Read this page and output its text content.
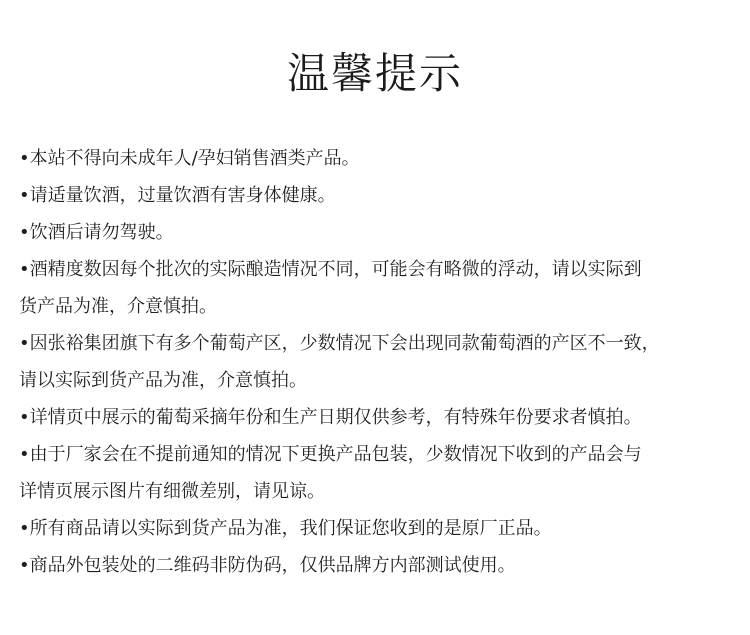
温馨提示
•本站不得向未成年人/孕妇销售酒类产品。
•请适量饮酒，过量饮酒有害身体健康。
•饮酒后请勿驾驶。
•酒精度数因每个批次的实际酿造情况不同，可能会有略微的浮动，请以实际到
货产品为准，介意慎拍。
•因张裕集团旗下有多个葡萄产区，少数情况下会出现同款葡萄酒的产区不一致，
请以实际到货产品为准，介意慎拍。
•详情页中展示的葡萄采摘年份和生产日期仅供参考，有特殊年份要求者慎拍。
•由于厂家会在不提前通知的情况下更换产品包装，少数情况下收到的产品会与
详情页展示图片有细微差别，请见谅。
•所有商品请以实际到货产品为准，我们保证您收到的是原厂正品。
•商品外包装处的二维码非防伪码，仅供品牌方内部测试使用。
